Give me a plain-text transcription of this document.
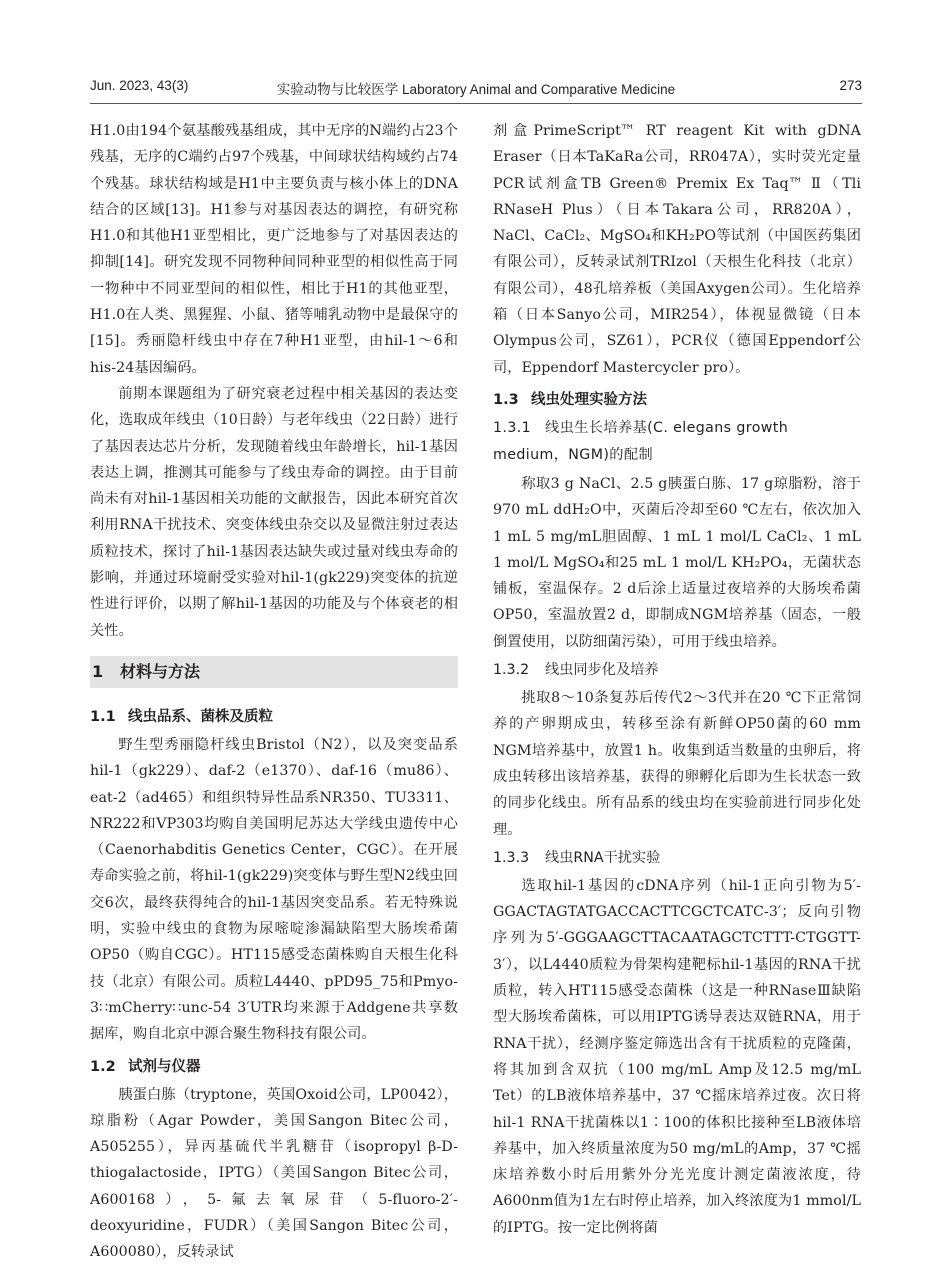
Jun. 2023, 43(3)	实验动物与比较医学 Laboratory Animal and Comparative Medicine	273

H1.0由194个氨基酸残基组成，其中无序的N端约占23个残基，无序的C端约占97个残基，中间球状结构域约占74个残基。球状结构域是H1中主要负责与核小体上的DNA结合的区域[13]。H1参与对基因表达的调控，有研究称H1.0和其他H1亚型相比，更广泛地参与了对基因表达的抑制[14]。研究发现不同物种间同种亚型的相似性高于同一物种中不同亚型间的相似性，相比于H1的其他亚型，H1.0在人类、黑猩猩、小鼠、猪等哺乳动物中是最保守的[15]。秀丽隐杆线虫中存在7种H1亚型，由hil-1～6和his-24基因编码。

前期本课题组为了研究衰老过程中相关基因的表达变化，选取成年线虫（10日龄）与老年线虫（22日龄）进行了基因表达芯片分析，发现随着线虫年龄增长，hil-1基因表达上调，推测其可能参与了线虫寿命的调控。由于目前尚未有对hil-1基因相关功能的文献报告，因此本研究首次利用RNA干扰技术、突变体线虫杂交以及显微注射过表达质粒技术，探讨了hil-1基因表达缺失或过量对线虫寿命的影响，并通过环境耐受实验对hil-1(gk229)突变体的抗逆性进行评价，以期了解hil-1基因的功能及与个体衰老的相关性。

1 材料与方法
1.1 线虫品系、菌株及质粒

野生型秀丽隐杆线虫Bristol（N2），以及突变品系hil-1（gk229）、daf-2（e1370）、daf-16（mu86）、eat-2（ad465）和组织特异性品系NR350、TU3311、NR222和VP303均购自美国明尼苏达大学线虫遗传中心（Caenorhabditis Genetics Center，CGC）。在开展寿命实验之前，将hil-1(gk229)突变体与野生型N2线虫回交6次，最终获得纯合的hil-1基因突变品系。若无特殊说明，实验中线虫的食物为尿嘧啶渗漏缺陷型大肠埃希菌OP50（购自CGC）。HT115感受态菌株购自天根生化科技（北京）有限公司。质粒L4440、pPD95_75和Pmyo-3∷mCherry∷unc-54 3′UTR均来源于Addgene共享数据库，购自北京中源合聚生物科技有限公司。

1.2 试剂与仪器

胰蛋白胨（tryptone，英国Oxoid公司，LP0042），琼脂粉（Agar Powder，美国Sangon Bitec公司，A505255），异丙基硫代半乳糖苷（isopropyl β-D-thiogalactoside，IPTG）（美国Sangon Bitec公司，A600168），5-氟去氧尿苷（5-fluoro-2′-deoxyuridine，FUDR）（美国Sangon Bitec公司，A600080），反转录试

剂盒PrimeScript™ RT reagent Kit with gDNA Eraser（日本TaKaRa公司，RR047A），实时荧光定量PCR试剂盒TB Green® Premix Ex Taq™ Ⅱ（Tli RNaseH Plus）（日本Takara公司，RR820A），NaCl、CaCl₂、MgSO₄和KH₂PO等试剂（中国医药集团有限公司），反转录试剂TRIzol（天根生化科技（北京）有限公司），48孔培养板（美国Axygen公司）。生化培养箱（日本Sanyo公司，MIR254），体视显微镜（日本Olympus公司，SZ61），PCR仪（德国Eppendorf公司，Eppendorf Mastercycler pro）。

1.3 线虫处理实验方法
1.3.1 线虫生长培养基(C. elegans growth medium，NGM)的配制

称取3 g NaCl、2.5 g胰蛋白胨、17 g琼脂粉，溶于970 mL ddH₂O中，灭菌后冷却至60 ℃左右，依次加入1 mL 5 mg/mL胆固醇、1 mL 1 mol/L CaCl₂、1 mL 1 mol/L MgSO₄和25 mL 1 mol/L KH₂PO₄，无菌状态铺板，室温保存。2 d后涂上适量过夜培养的大肠埃希菌OP50，室温放置2 d，即制成NGM培养基（固态，一般倒置使用，以防细菌污染），可用于线虫培养。

1.3.2 线虫同步化及培养

挑取8～10条复苏后传代2～3代并在20 ℃下正常饲养的产卵期成虫，转移至涂有新鲜OP50菌的60 mm NGM培养基中，放置1 h。收集到适当数量的虫卵后，将成虫转移出该培养基，获得的卵孵化后即为生长状态一致的同步化线虫。所有品系的线虫均在实验前进行同步化处理。

1.3.3 线虫RNA干扰实验

选取hil-1基因的cDNA序列（hil-1正向引物为5′-GGACTAGTATGACCACTTCGCTCATC-3′；反向引物序列为5′-GGGAAGCTTACAATAGCTCTTT-CTGGTT-3′），以L4440质粒为骨架构建靶标hil-1基因的RNA干扰质粒，转入HT115感受态菌株（这是一种RNaseⅢ缺陷型大肠埃希菌株，可以用IPTG诱导表达双链RNA，用于RNA干扰），经测序鉴定筛选出含有干扰质粒的克隆菌，将其加到含双抗（100 mg/mL Amp及12.5 mg/mL Tet）的LB液体培养基中，37 ℃摇床培养过夜。次日将hil-1 RNA干扰菌株以1∶100的体积比接种至LB液体培养基中，加入终质量浓度为50 mg/mL的Amp，37 ℃摇床培养数小时后用紫外分光光度计测定菌液浓度，待A600nm值为1左右时停止培养，加入终浓度为1 mmol/L的IPTG。按一定比例将菌
